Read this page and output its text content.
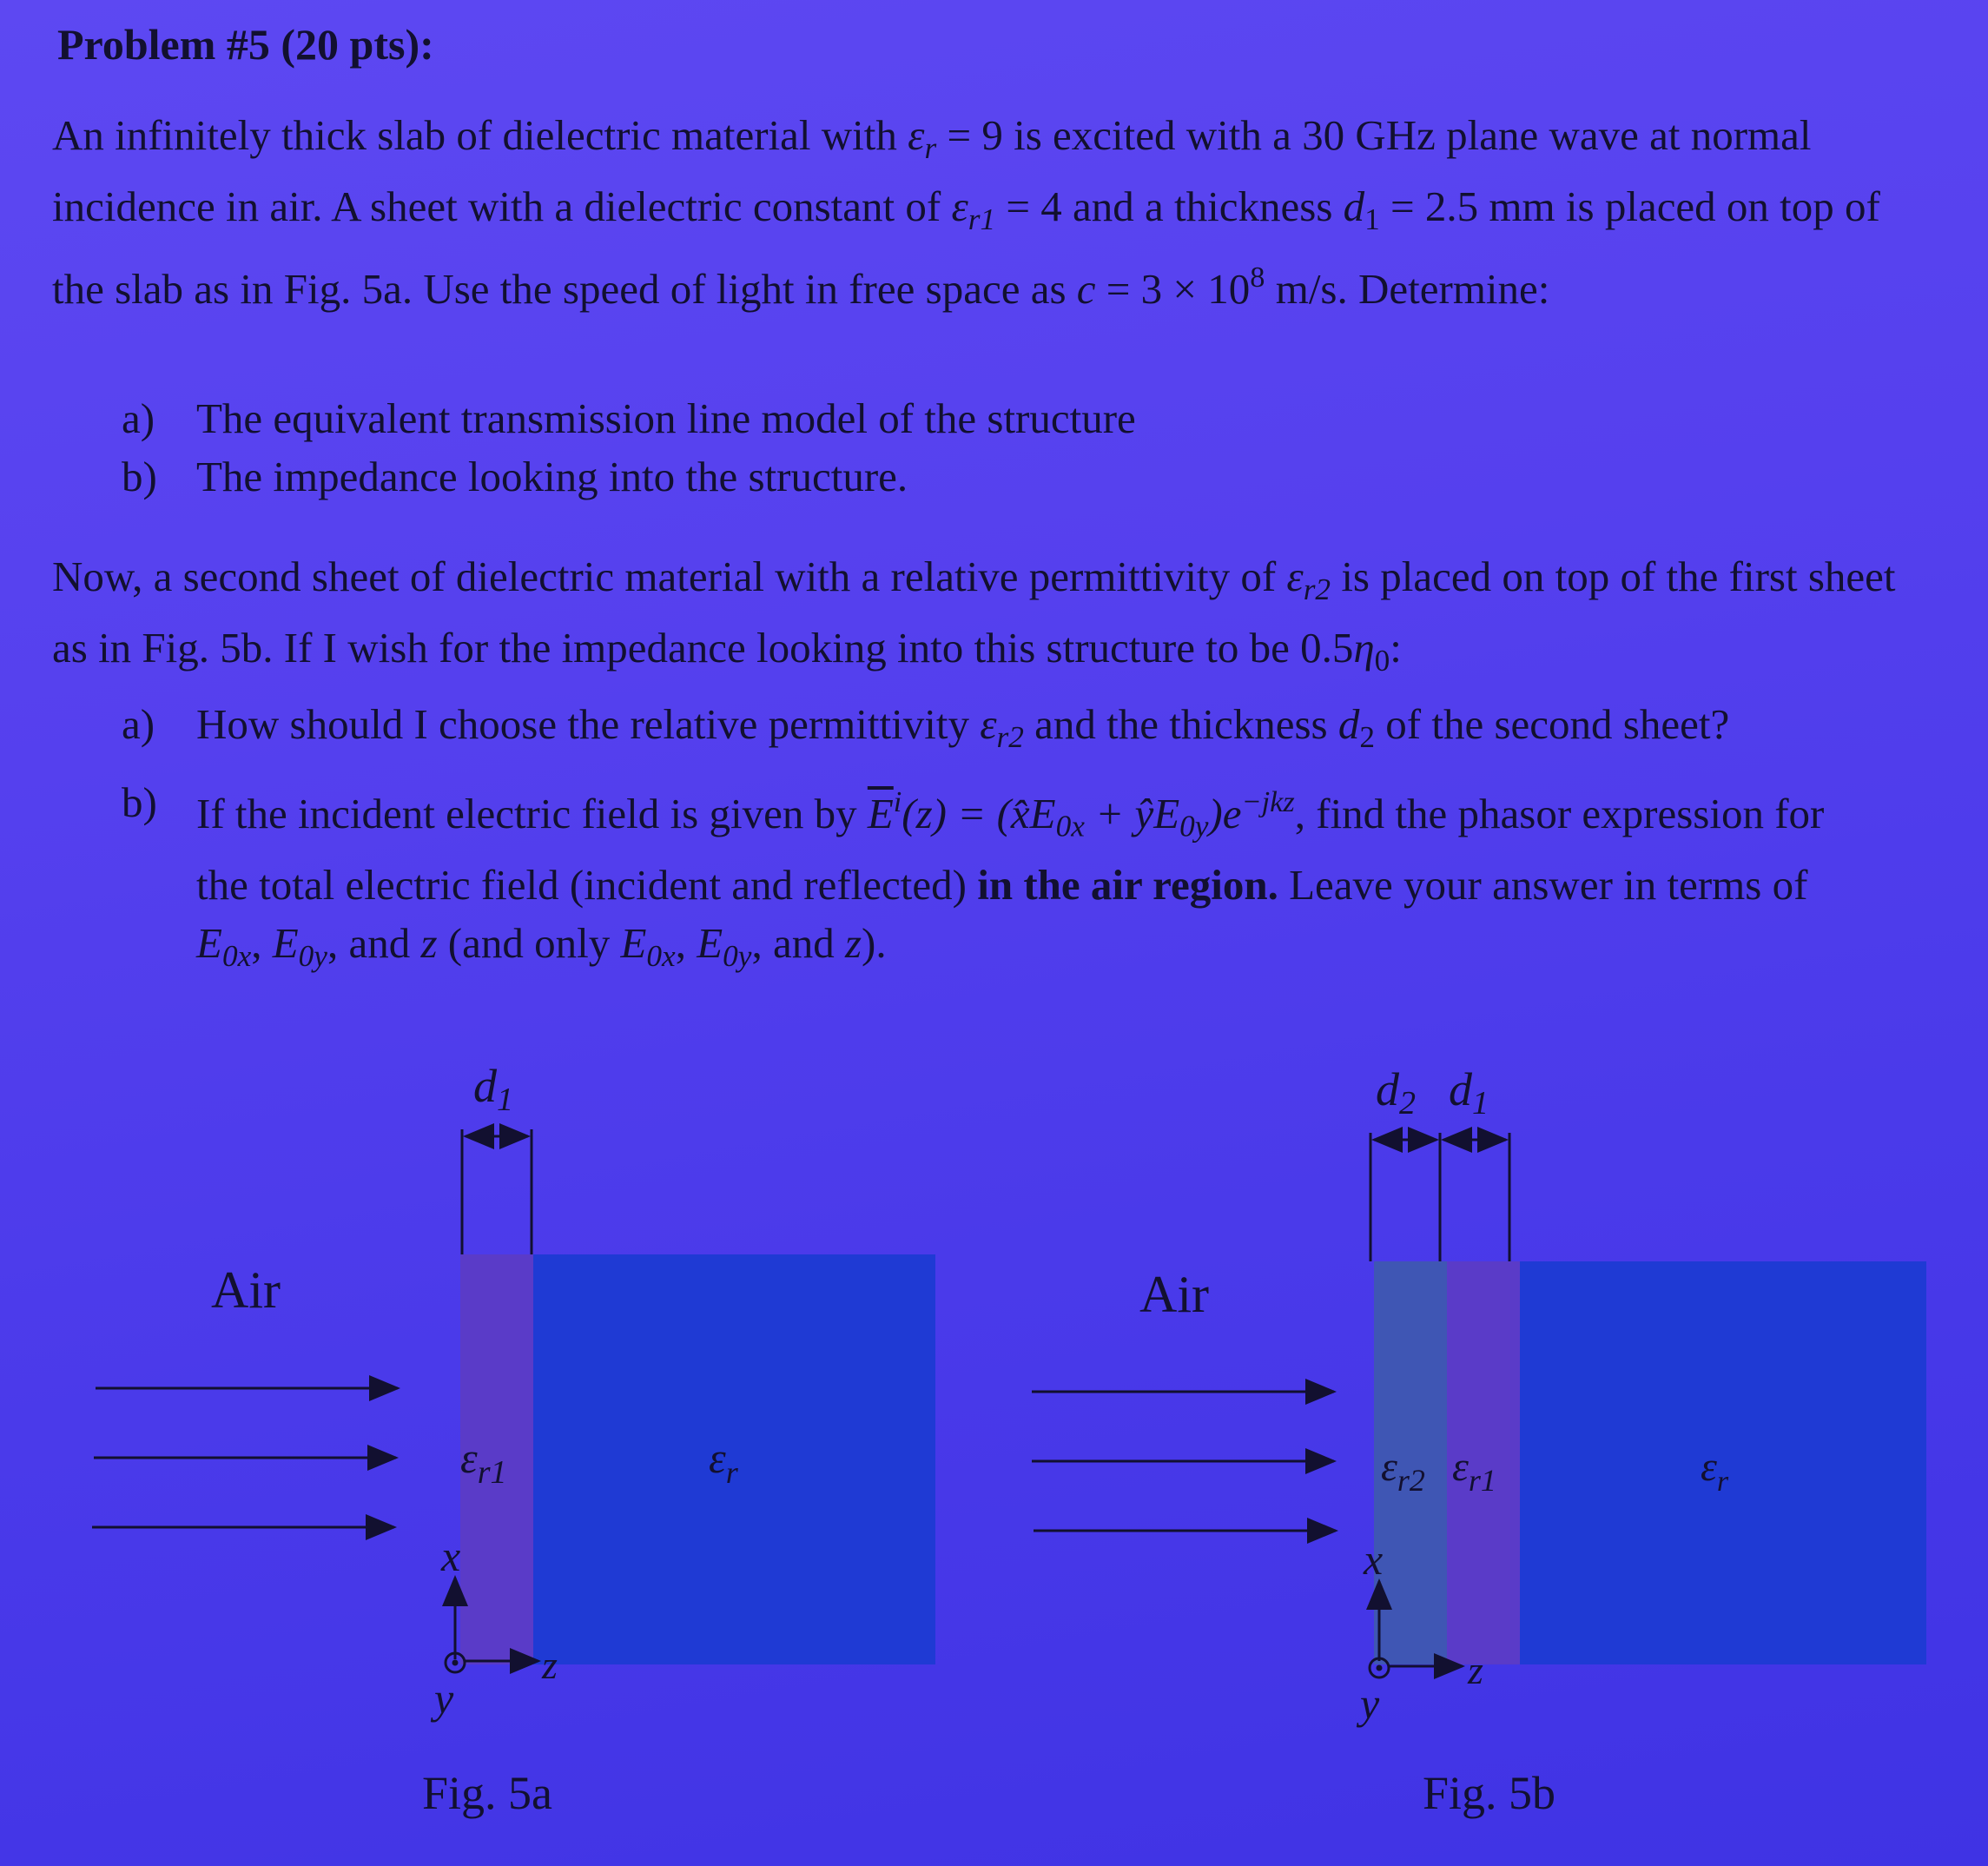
Problem #5 (20 pts):
An infinitely thick slab of dielectric material with $\varepsilon_r = 9$ is excited with a 30 GHz plane wave at normal incidence in air. A sheet with a dielectric constant of $\varepsilon_{r1} = 4$ and a thickness $d_1 = 2.5$ mm is placed on top of the slab as in Fig. 5a. Use the speed of light in free space as $c = 3 \times 10^8$ m/s. Determine:
a) The equivalent transmission line model of the structure
b) The impedance looking into the structure.
Now, a second sheet of dielectric material with a relative permittivity of $\varepsilon_{r2}$ is placed on top of the first sheet as in Fig. 5b. If I wish for the impedance looking into this structure to be $0.5\eta_0$:
a) How should I choose the relative permittivity $\varepsilon_{r2}$ and the thickness $d_2$ of the second sheet?
b) If the incident electric field is given by $\overline{E}^i(z)$ = ($x̂E_{0x}$ + $ŷE_{0y})e^{-jkz}$, find the phasor expression for the total electric field (incident and reflected) in the air region. Leave your answer in terms of $E_{0x}$, $E_{0y}$, and z (and only $E_{0x}$, $E_{0y}$, and z).
d1
Air
$\varepsilon_{r1}$	$\varepsilon_r$
x
z
y
Fig. 5a
d2 d1
Air
$\varepsilon_{r2}$ $\varepsilon_{r1}$	$\varepsilon_r$
x
z
y
Fig. 5b
